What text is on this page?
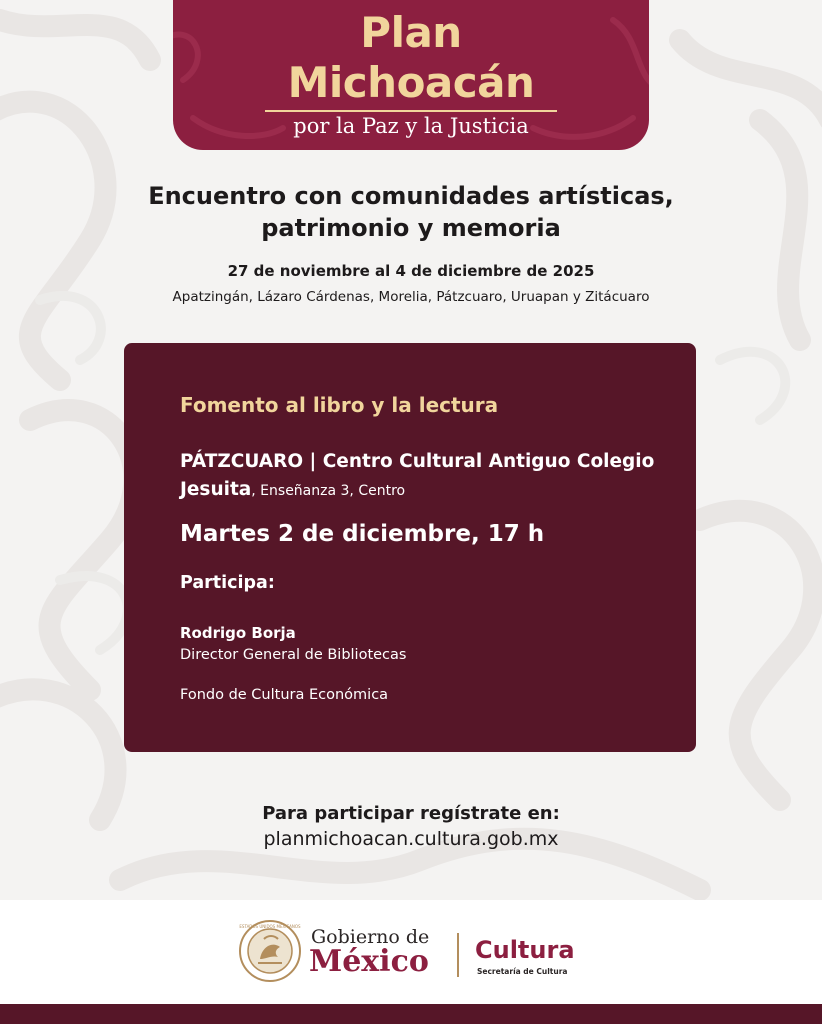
Plan
Michoacán
por la Paz y la Justicia
Encuentro con comunidades artísticas,
patrimonio y memoria
27 de noviembre al 4 de diciembre de 2025
Apatzingán, Lázaro Cárdenas, Morelia, Pátzcuaro, Uruapan y Zitácuaro
Fomento al libro y la lectura
PÁTZCUARO | Centro Cultural Antiguo Colegio Jesuita, Enseñanza 3, Centro
Martes 2 de diciembre, 17 h
Participa:
Rodrigo Borja
Director General de Bibliotecas
Fondo de Cultura Económica
Para participar regístrate en:
planmichoacan.cultura.gob.mx
ESTADOS UNIDOS MEXICANOS Gobierno de
México Cultura
Secretaría de Cultura
